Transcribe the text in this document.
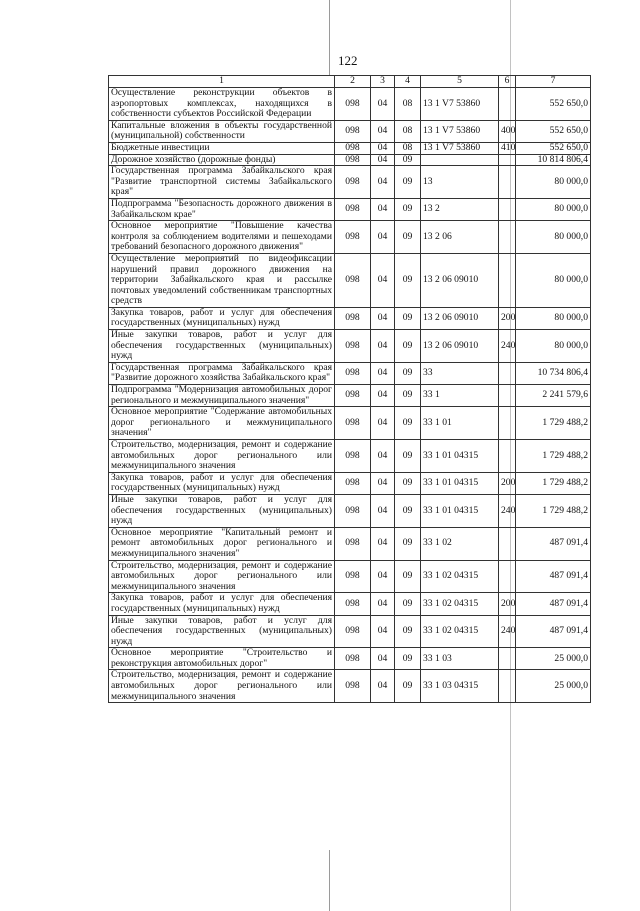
122
1	2	3	4	5	6	7
Осуществление реконструкции объектов в аэропортовых комплексах, находящихся в собственности субъектов Российской Федерации	098	04	08	13 1 V7 53860		552 650,0
Капитальные вложения в объекты государственной (муниципальной) собственности	098	04	08	13 1 V7 53860	400	552 650,0
Бюджетные инвестиции	098	04	08	13 1 V7 53860	410	552 650,0
Дорожное хозяйство (дорожные фонды)	098	04	09			10 814 806,4
Государственная программа Забайкальского края "Развитие транспортной системы Забайкальского края"	098	04	09	13		80 000,0
Подпрограмма "Безопасность дорожного движения в Забайкальском крае"	098	04	09	13 2		80 000,0
Основное мероприятие "Повышение качества контроля за соблюдением водителями и пешеходами требований безопасного дорожного движения"	098	04	09	13 2 06		80 000,0
Осуществление мероприятий по видеофиксации нарушений правил дорожного движения на территории Забайкальского края и рассылке почтовых уведомлений собственникам транспортных средств	098	04	09	13 2 06 09010		80 000,0
Закупка товаров, работ и услуг для обеспечения государственных (муниципальных) нужд	098	04	09	13 2 06 09010	200	80 000,0
Иные закупки товаров, работ и услуг для обеспечения государственных (муниципальных) нужд	098	04	09	13 2 06 09010	240	80 000,0
Государственная программа Забайкальского края "Развитие дорожного хозяйства Забайкальского края"	098	04	09	33		10 734 806,4
Подпрограмма "Модернизация автомобильных дорог регионального и межмуниципального значения"	098	04	09	33 1		2 241 579,6
Основное мероприятие "Содержание автомобильных дорог регионального и межмуниципального значения"	098	04	09	33 1 01		1 729 488,2
Строительство, модернизация, ремонт и содержание автомобильных дорог регионального или межмуниципального значения	098	04	09	33 1 01 04315		1 729 488,2
Закупка товаров, работ и услуг для обеспечения государственных (муниципальных) нужд	098	04	09	33 1 01 04315	200	1 729 488,2
Иные закупки товаров, работ и услуг для обеспечения государственных (муниципальных) нужд	098	04	09	33 1 01 04315	240	1 729 488,2
Основное мероприятие "Капитальный ремонт и ремонт автомобильных дорог регионального и межмуниципального значения"	098	04	09	33 1 02		487 091,4
Строительство, модернизация, ремонт и содержание автомобильных дорог регионального или межмуниципального значения	098	04	09	33 1 02 04315		487 091,4
Закупка товаров, работ и услуг для обеспечения государственных (муниципальных) нужд	098	04	09	33 1 02 04315	200	487 091,4
Иные закупки товаров, работ и услуг для обеспечения государственных (муниципальных) нужд	098	04	09	33 1 02 04315	240	487 091,4
Основное мероприятие "Строительство и реконструкция автомобильных дорог"	098	04	09	33 1 03		25 000,0
Строительство, модернизация, ремонт и содержание автомобильных дорог регионального или межмуниципального значения	098	04	09	33 1 03 04315		25 000,0
